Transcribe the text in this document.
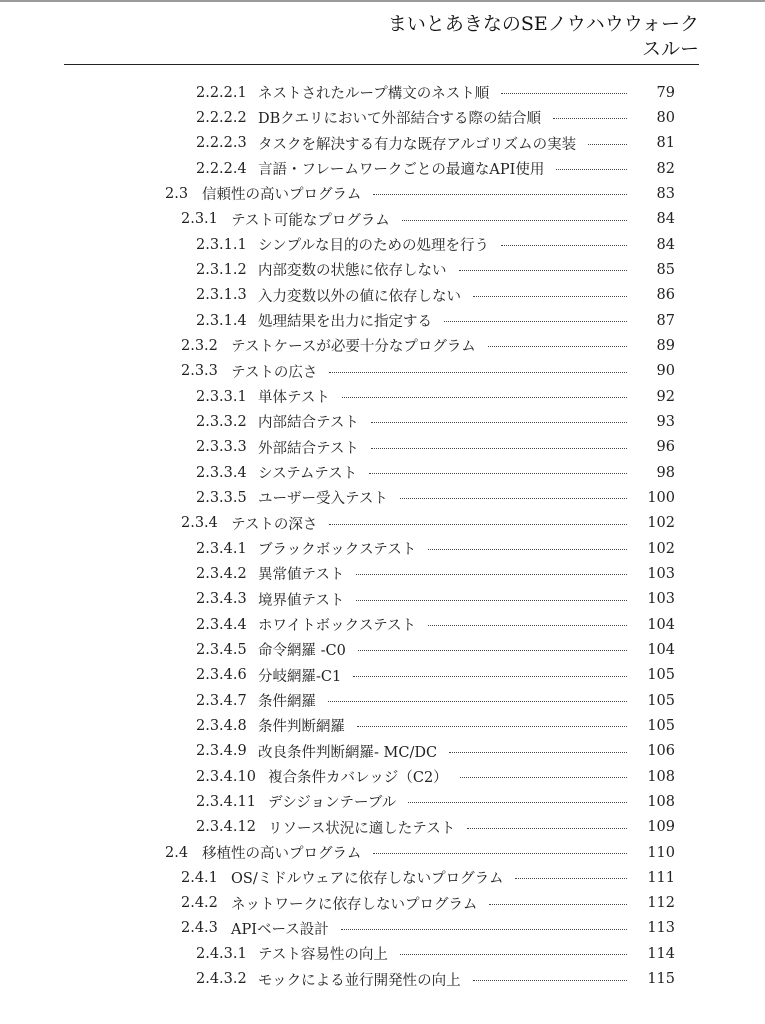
まいとあきなのSEノウハウウォーク
スルー
2.2.2.1 ネストされたループ構文のネスト順	79
2.2.2.2 DBクエリにおいて外部結合する際の結合順	80
2.2.2.3 タスクを解決する有力な既存アルゴリズムの実装	81
2.2.2.4 言語・フレームワークごとの最適なAPI使用	82
2.3 信頼性の高いプログラム	83
2.3.1 テスト可能なプログラム	84
2.3.1.1 シンプルな目的のための処理を行う	84
2.3.1.2 内部変数の状態に依存しない	85
2.3.1.3 入力変数以外の値に依存しない	86
2.3.1.4 処理結果を出力に指定する	87
2.3.2 テストケースが必要十分なプログラム	89
2.3.3 テストの広さ	90
2.3.3.1 単体テスト	92
2.3.3.2 内部結合テスト	93
2.3.3.3 外部結合テスト	96
2.3.3.4 システムテスト	98
2.3.3.5 ユーザー受入テスト	100
2.3.4 テストの深さ	102
2.3.4.1 ブラックボックステスト	102
2.3.4.2 異常値テスト	103
2.3.4.3 境界値テスト	103
2.3.4.4 ホワイトボックステスト	104
2.3.4.5 命令網羅 -C0	104
2.3.4.6 分岐網羅-C1	105
2.3.4.7 条件網羅	105
2.3.4.8 条件判断網羅	105
2.3.4.9 改良条件判断網羅- MC/DC	106
2.3.4.10 複合条件カバレッジ（C2）	108
2.3.4.11 デシジョンテーブル	108
2.3.4.12 リソース状況に適したテスト	109
2.4 移植性の高いプログラム	110
2.4.1 OS/ミドルウェアに依存しないプログラム	111
2.4.2 ネットワークに依存しないプログラム	112
2.4.3 APIベース設計	113
2.4.3.1 テスト容易性の向上	114
2.4.3.2 モックによる並行開発性の向上	115
